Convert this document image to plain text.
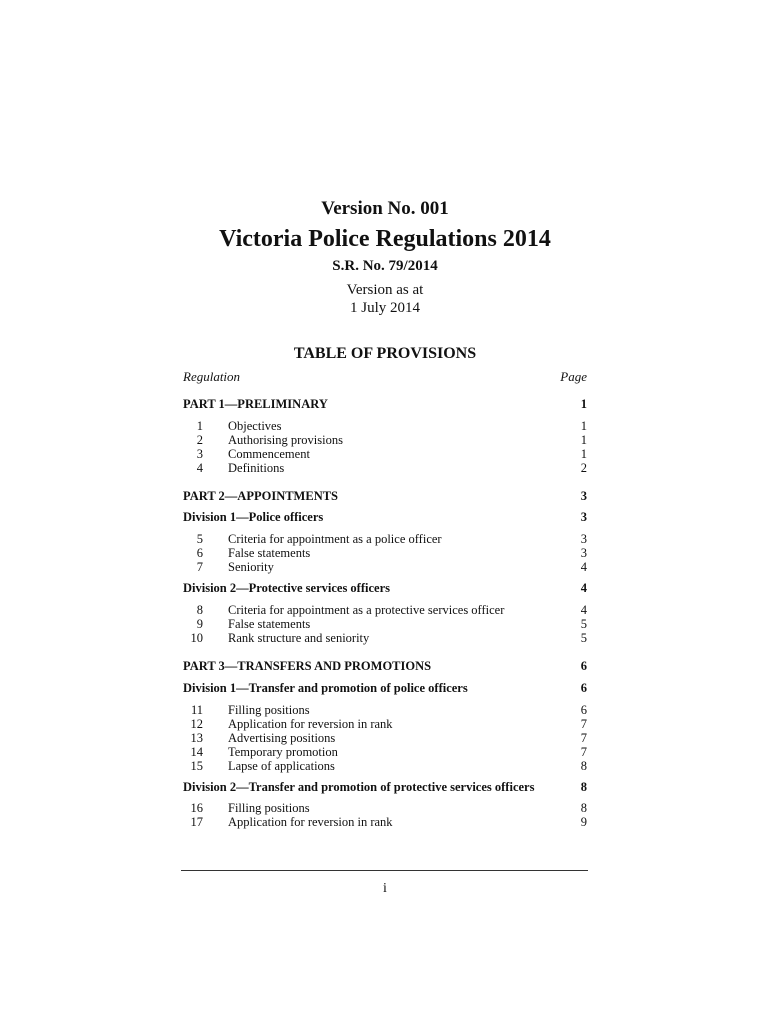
Version No. 001
Victoria Police Regulations 2014
S.R. No. 79/2014
Version as at
1 July 2014
TABLE OF PROVISIONS
Regulation	Page
PART 1—PRELIMINARY	1
1 Objectives	1
2 Authorising provisions	1
3 Commencement	1
4 Definitions	2
PART 2—APPOINTMENTS	3
Division 1—Police officers	3
5 Criteria for appointment as a police officer	3
6 False statements	3
7 Seniority	4
Division 2—Protective services officers	4
8 Criteria for appointment as a protective services officer	4
9 False statements	5
10 Rank structure and seniority	5
PART 3—TRANSFERS AND PROMOTIONS	6
Division 1—Transfer and promotion of police officers	6
11 Filling positions	6
12 Application for reversion in rank	7
13 Advertising positions	7
14 Temporary promotion	7
15 Lapse of applications	8
Division 2—Transfer and promotion of protective services officers	8
16 Filling positions	8
17 Application for reversion in rank	9
i
